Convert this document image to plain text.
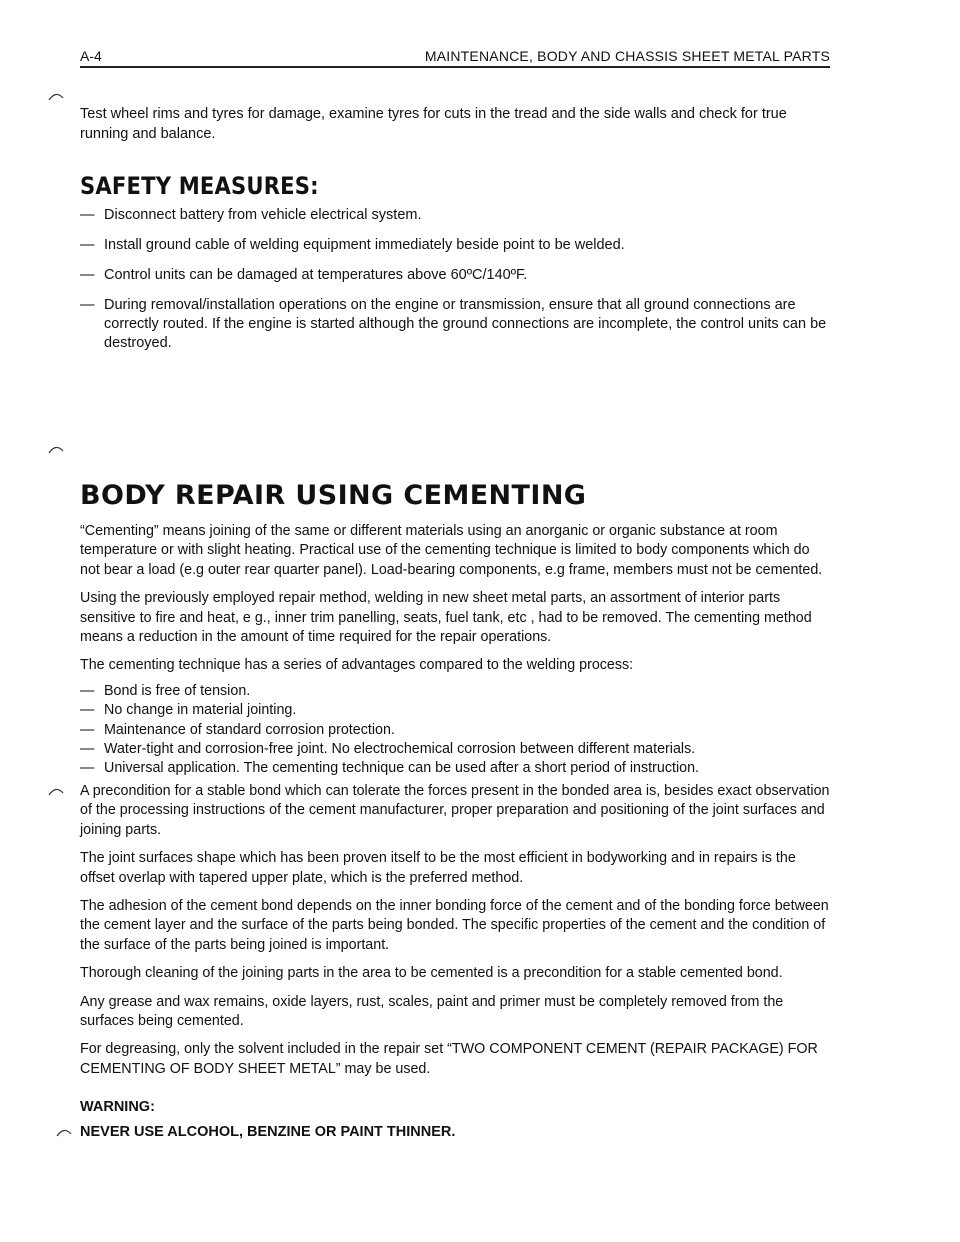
A-4	MAINTENANCE, BODY AND CHASSIS SHEET METAL PARTS

Test wheel rims and tyres for damage, examine tyres for cuts in the tread and the side walls and check for true running and balance.

SAFETY MEASURES:
— Disconnect battery from vehicle electrical system.
— Install ground cable of welding equipment immediately beside point to be welded.
— Control units can be damaged at temperatures above 60ºC/140ºF.
— During removal/installation operations on the engine or transmission, ensure that all ground connections are correctly routed. If the engine is started although the ground connections are incomplete, the control units can be destroyed.
BODY REPAIR USING CEMENTING

“Cementing” means joining of the same or different materials using an anorganic or organic substance at room temperature or with slight heating. Practical use of the cementing technique is limited to body components which do not bear a load (e.g outer rear quarter panel). Load-bearing components, e.g frame, members must not be cemented.

Using the previously employed repair method, welding in new sheet metal parts, an assortment of interior parts sensitive to fire and heat, e g., inner trim panelling, seats, fuel tank, etc , had to be removed. The cementing method means a reduction in the amount of time required for the repair operations.

The cementing technique has a series of advantages compared to the welding process:

— Bond is free of tension.
— No change in material jointing.
— Maintenance of standard corrosion protection.
— Water-tight and corrosion-free joint. No electrochemical corrosion between different materials.
— Universal application. The cementing technique can be used after a short period of instruction.

A precondition for a stable bond which can tolerate the forces present in the bonded area is, besides exact observation of the processing instructions of the cement manufacturer, proper preparation and positioning of the joint surfaces and joining parts.

The joint surfaces shape which has been proven itself to be the most efficient in bodyworking and in repairs is the offset overlap with tapered upper plate, which is the preferred method.

The adhesion of the cement bond depends on the inner bonding force of the cement and of the bonding force between the cement layer and the surface of the parts being bonded. The specific properties of the cement and the condition of the surface of the parts being joined is important.

Thorough cleaning of the joining parts in the area to be cemented is a precondition for a stable cemented bond.

Any grease and wax remains, oxide layers, rust, scales, paint and primer must be completely removed from the surfaces being cemented.

For degreasing, only the solvent included in the repair set “TWO COMPONENT CEMENT (REPAIR PACKAGE) FOR CEMENTING OF BODY SHEET METAL” may be used.

WARNING:

NEVER USE ALCOHOL, BENZINE OR PAINT THINNER.
